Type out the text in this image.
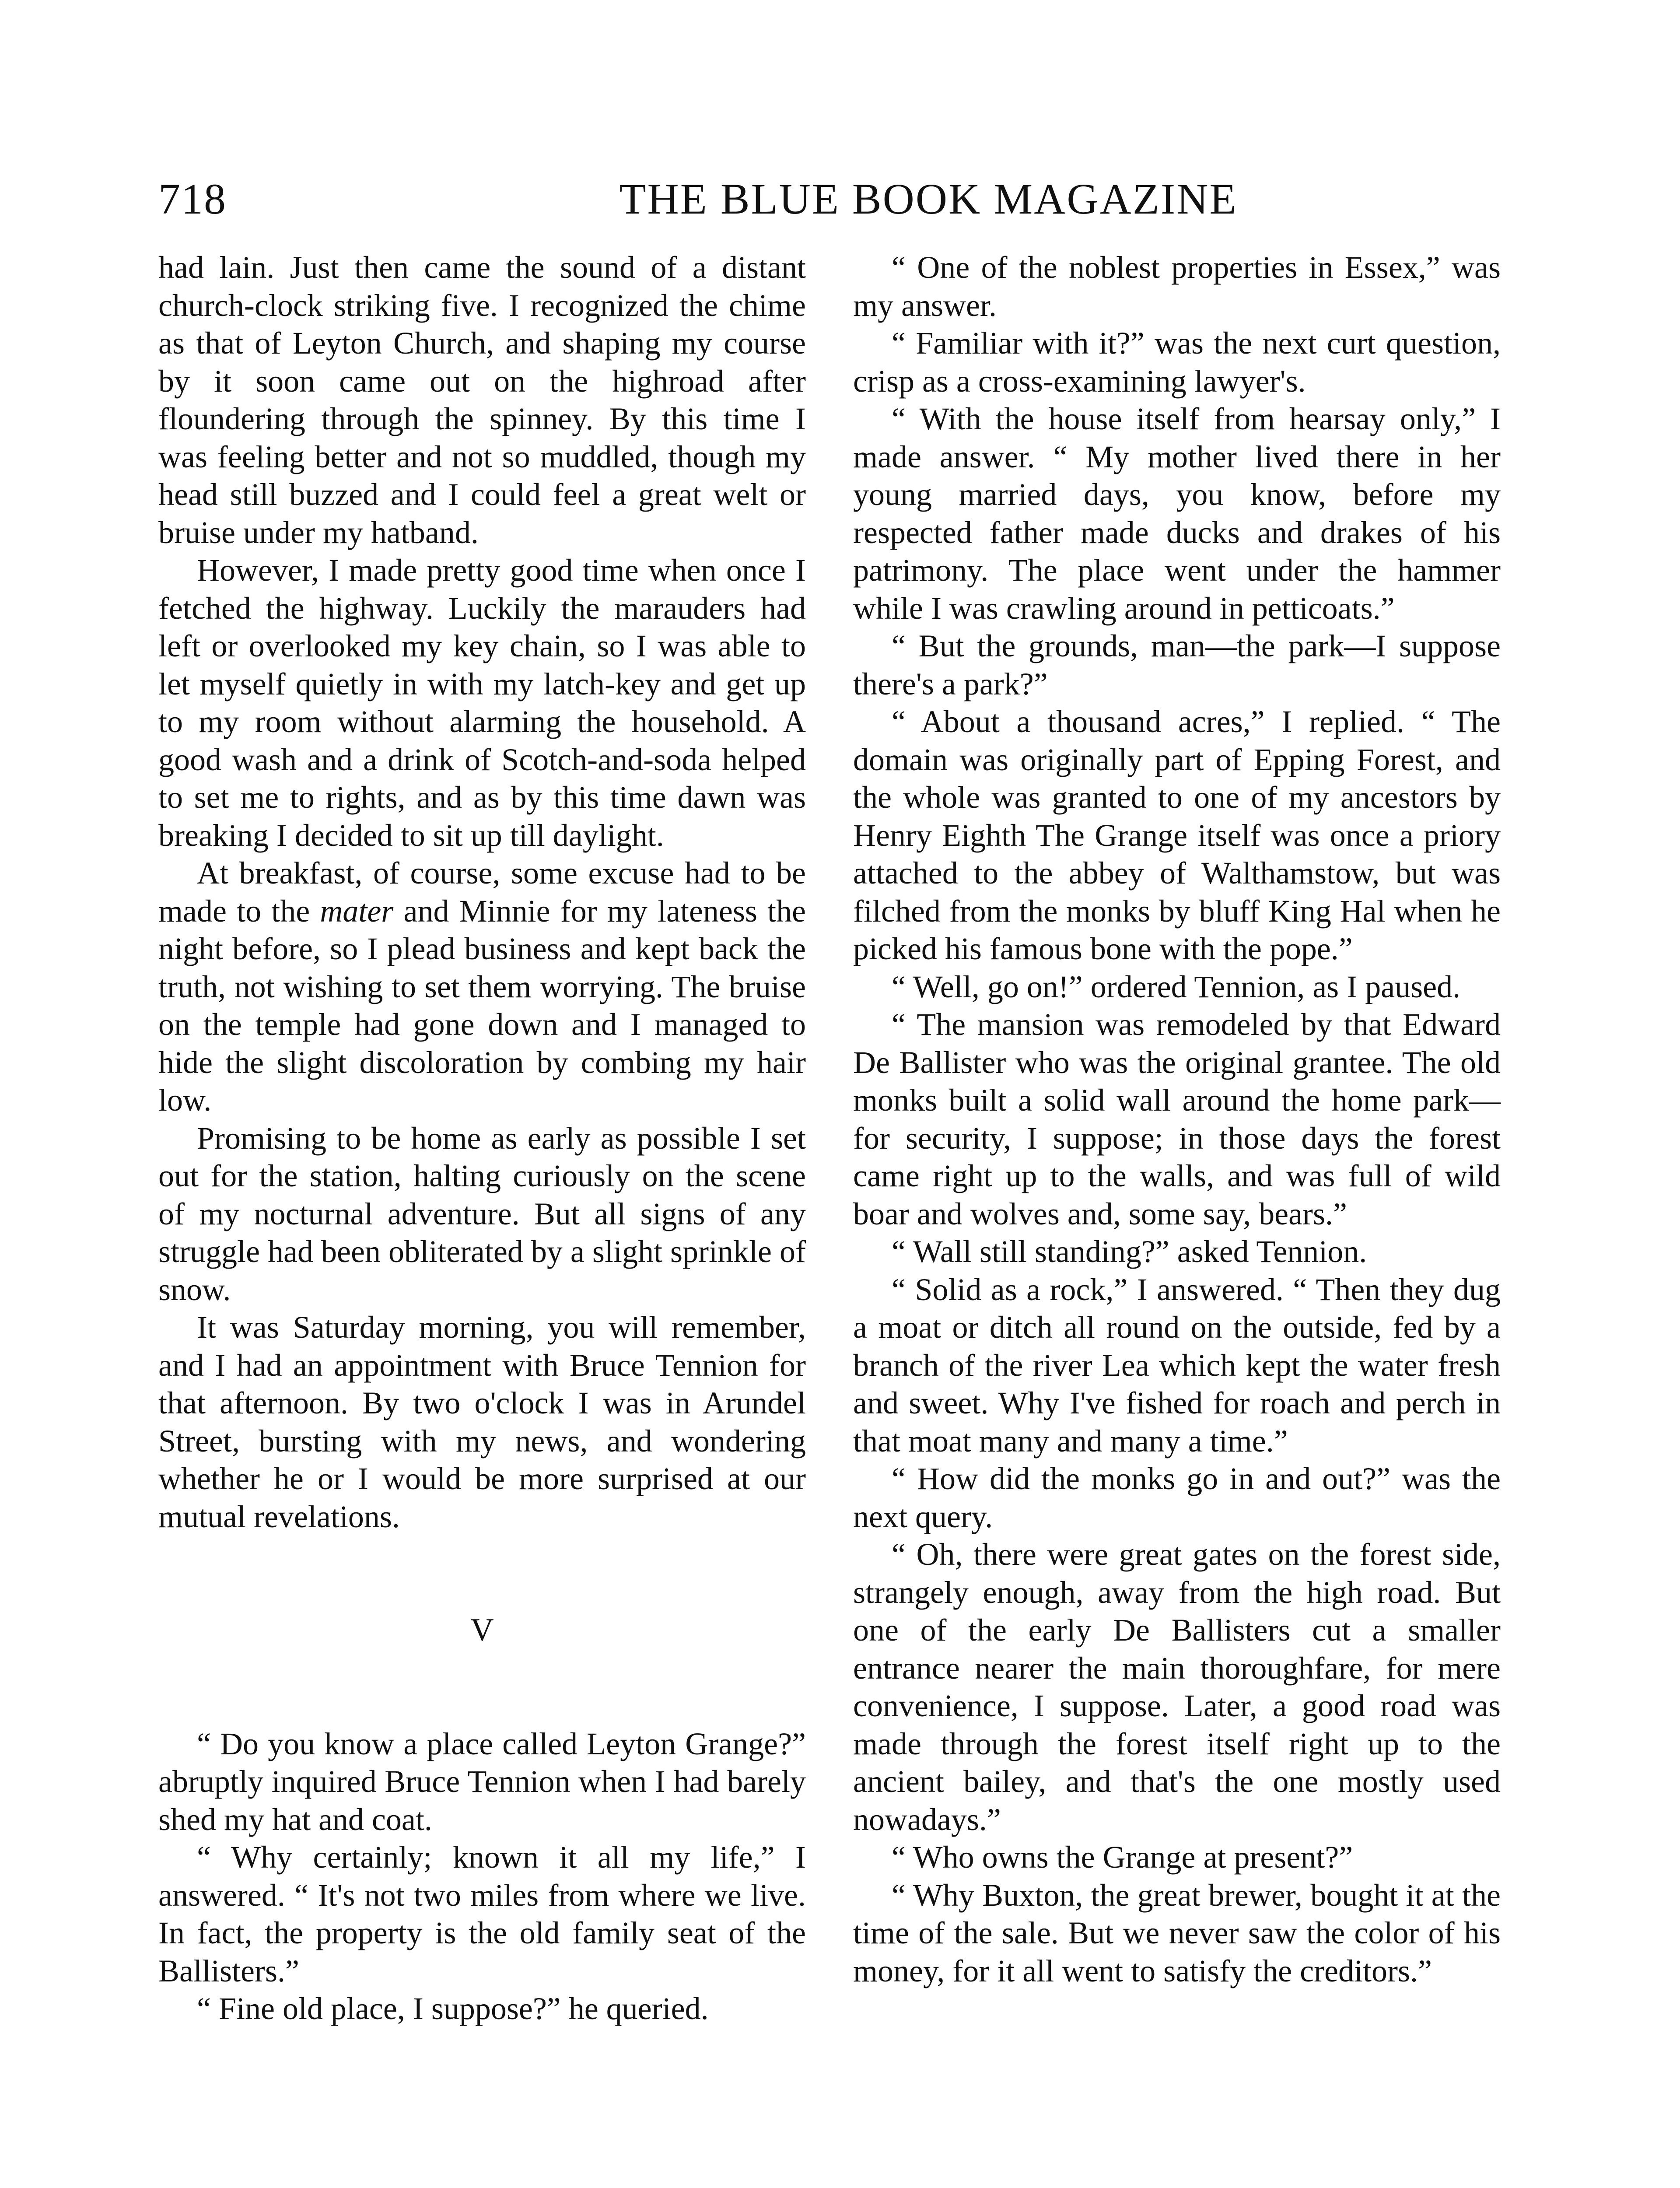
718	THE BLUE BOOK MAGAZINE

had lain. Just then came the sound of a distant church-clock striking five. I recognized the chime as that of Leyton Church, and shaping my course by it soon came out on the highroad after floundering through the spinney. By this time I was feeling better and not so muddled, though my head still buzzed and I could feel a great welt or bruise under my hatband.

However, I made pretty good time when once I fetched the highway. Luckily the marauders had left or overlooked my key chain, so I was able to let myself quietly in with my latch-key and get up to my room without alarming the household. A good wash and a drink of Scotch-and-soda helped to set me to rights, and as by this time dawn was breaking I decided to sit up till daylight.

At breakfast, of course, some excuse had to be made to the mater and Minnie for my lateness the night before, so I plead business and kept back the truth, not wishing to set them worrying. The bruise on the temple had gone down and I managed to hide the slight discoloration by combing my hair low.

Promising to be home as early as possible I set out for the station, halting curiously on the scene of my nocturnal adventure. But all signs of any struggle had been obliterated by a slight sprinkle of snow.

It was Saturday morning, you will remember, and I had an appointment with Bruce Tennion for that afternoon. By two o'clock I was in Arundel Street, bursting with my news, and wondering whether he or I would be more surprised at our mutual revelations.

V

“ Do you know a place called Leyton Grange?” abruptly inquired Bruce Tennion when I had barely shed my hat and coat.

“ Why certainly; known it all my life,” I answered. “ It's not two miles from where we live. In fact, the property is the old family seat of the Ballisters.”

“ Fine old place, I suppose?” he queried.

“ One of the noblest properties in Essex,” was my answer.

“ Familiar with it?” was the next curt question, crisp as a cross-examining lawyer's.

“ With the house itself from hearsay only,” I made answer. “ My mother lived there in her young married days, you know, before my respected father made ducks and drakes of his patrimony. The place went under the hammer while I was crawling around in petticoats.”

“ But the grounds, man—the park—I suppose there's a park?”

“ About a thousand acres,” I replied. “ The domain was originally part of Epping Forest, and the whole was granted to one of my ancestors by Henry Eighth The Grange itself was once a priory attached to the abbey of Walthamstow, but was filched from the monks by bluff King Hal when he picked his famous bone with the pope.”

“ Well, go on!” ordered Tennion, as I paused.

“ The mansion was remodeled by that Edward De Ballister who was the original grantee. The old monks built a solid wall around the home park—for security, I suppose; in those days the forest came right up to the walls, and was full of wild boar and wolves and, some say, bears.”

“ Wall still standing?” asked Tennion.

“ Solid as a rock,” I answered. “ Then they dug a moat or ditch all round on the outside, fed by a branch of the river Lea which kept the water fresh and sweet. Why I've fished for roach and perch in that moat many and many a time.”

“ How did the monks go in and out?” was the next query.

“ Oh, there were great gates on the forest side, strangely enough, away from the high road. But one of the early De Ballisters cut a smaller entrance nearer the main thoroughfare, for mere convenience, I suppose. Later, a good road was made through the forest itself right up to the ancient bailey, and that's the one mostly used nowadays.”

“ Who owns the Grange at present?”

“ Why Buxton, the great brewer, bought it at the time of the sale. But we never saw the color of his money, for it all went to satisfy the creditors.”
